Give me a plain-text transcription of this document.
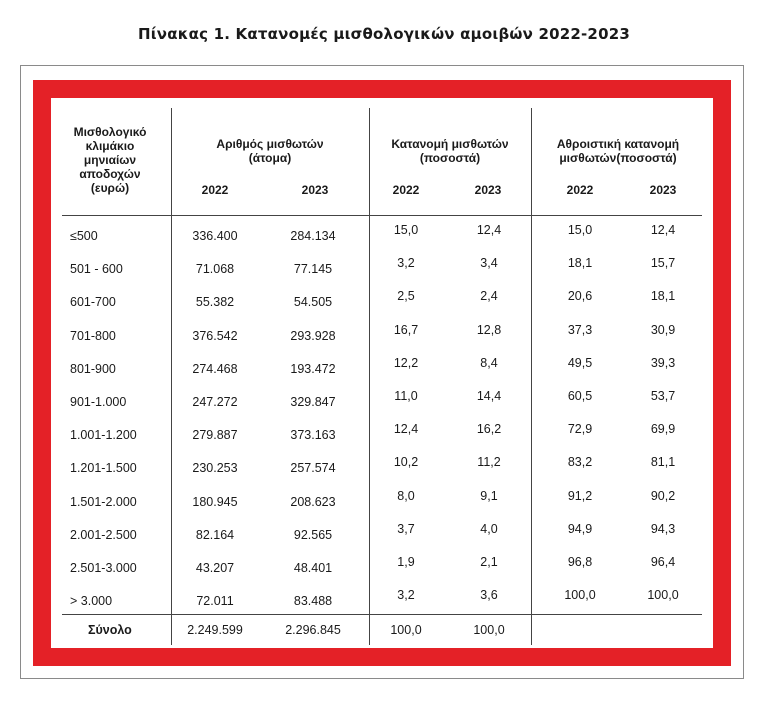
Πίνακας 1. Κατανομές μισθολογικών αμοιβών 2022-2023
Μισθολογικό
κλιμάκιο
μηνιαίων
αποδοχών
(ευρώ)
Αριθμός μισθωτών
(άτομα)
2022	2023
Κατανομή μισθωτών
(ποσοστά)
2022	2023
Αθροιστική κατανομή
μισθωτών(ποσοστά)
2022	2023
≤500	336.400	284.134	15,0	12,4	15,0	12,4
501 - 600	71.068	77.145	3,2	3,4	18,1	15,7
601-700	55.382	54.505	2,5	2,4	20,6	18,1
701-800	376.542	293.928	16,7	12,8	37,3	30,9
801-900	274.468	193.472	12,2	8,4	49,5	39,3
901-1.000	247.272	329.847	11,0	14,4	60,5	53,7
1.001-1.200	279.887	373.163	12,4	16,2	72,9	69,9
1.201-1.500	230.253	257.574	10,2	11,2	83,2	81,1
1.501-2.000	180.945	208.623	8,0	9,1	91,2	90,2
2.001-2.500	82.164	92.565	3,7	4,0	94,9	94,3
2.501-3.000	43.207	48.401	1,9	2,1	96,8	96,4
> 3.000	72.011	83.488	3,2	3,6	100,0	100,0
Σύνολο	2.249.599	2.296.845	100,0	100,0
